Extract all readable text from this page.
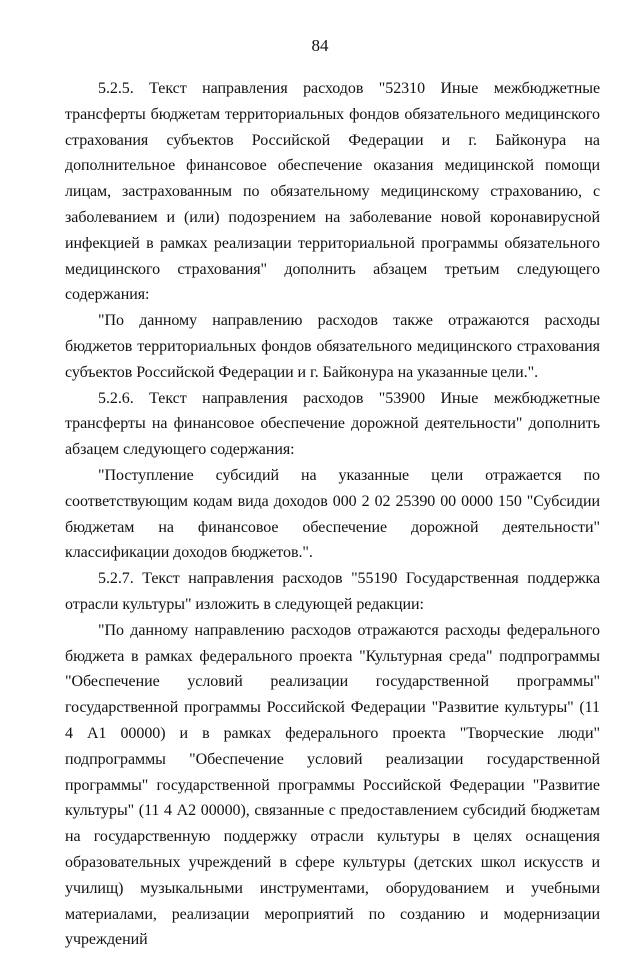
84

5.2.5. Текст направления расходов "52310 Иные межбюджетные трансферты бюджетам территориальных фондов обязательного медицинского страхования субъектов Российской Федерации и г. Байконура на дополнительное финансовое обеспечение оказания медицинской помощи лицам, застрахованным по обязательному медицинскому страхованию, с заболеванием и (или) подозрением на заболевание новой коронавирусной инфекцией в рамках реализации территориальной программы обязательного медицинского страхования" дополнить абзацем третьим следующего содержания:

"По данному направлению расходов также отражаются расходы бюджетов территориальных фондов обязательного медицинского страхования субъектов Российской Федерации и г. Байконура на указанные цели.".

5.2.6. Текст направления расходов "53900 Иные межбюджетные трансферты на финансовое обеспечение дорожной деятельности" дополнить абзацем следующего содержания:

"Поступление субсидий на указанные цели отражается по соответствующим кодам вида доходов 000 2 02 25390 00 0000 150 "Субсидии бюджетам на финансовое обеспечение дорожной деятельности" классификации доходов бюджетов.".

5.2.7. Текст направления расходов "55190 Государственная поддержка отрасли культуры" изложить в следующей редакции:

"По данному направлению расходов отражаются расходы федерального бюджета в рамках федерального проекта "Культурная среда" подпрограммы "Обеспечение условий реализации государственной программы" государственной программы Российской Федерации "Развитие культуры" (11 4 А1 00000) и в рамках федерального проекта "Творческие люди" подпрограммы "Обеспечение условий реализации государственной программы" государственной программы Российской Федерации "Развитие культуры" (11 4 А2 00000), связанные с предоставлением субсидий бюджетам на государственную поддержку отрасли культуры в целях оснащения образовательных учреждений в сфере культуры (детских школ искусств и училищ) музыкальными инструментами, оборудованием и учебными материалами, реализации мероприятий по созданию и модернизации учреждений
